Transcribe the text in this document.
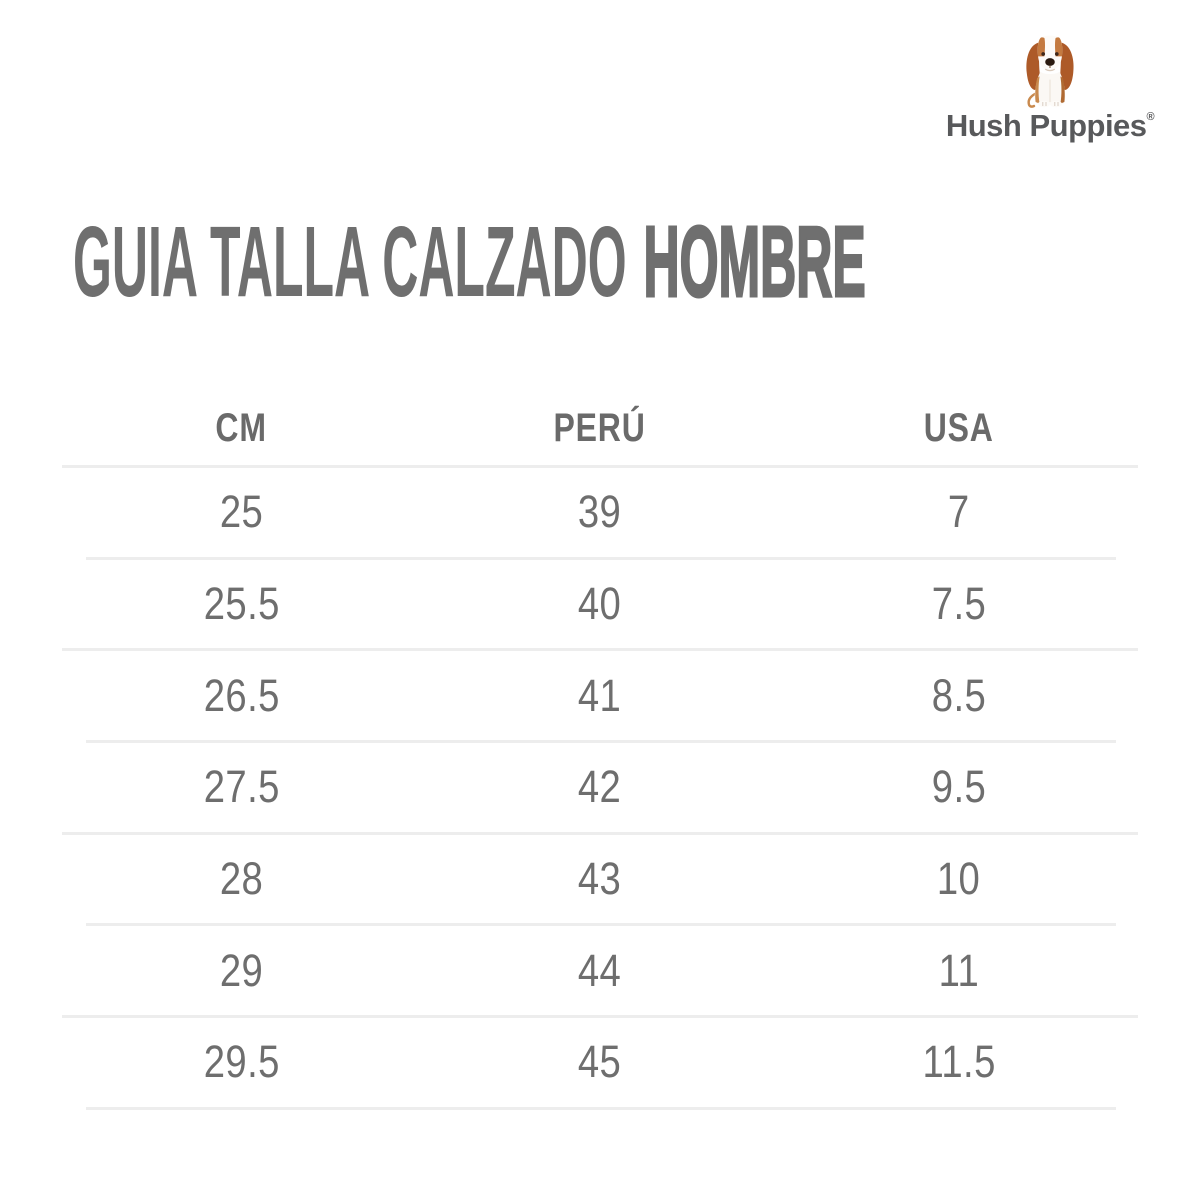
Hush Puppies®
GUIA TALLA CALZADO HOMBRE
CM	PERÚ	USA
25	39	7
25.5	40	7.5
26.5	41	8.5
27.5	42	9.5
28	43	10
29	44	11
29.5	45	11.5
